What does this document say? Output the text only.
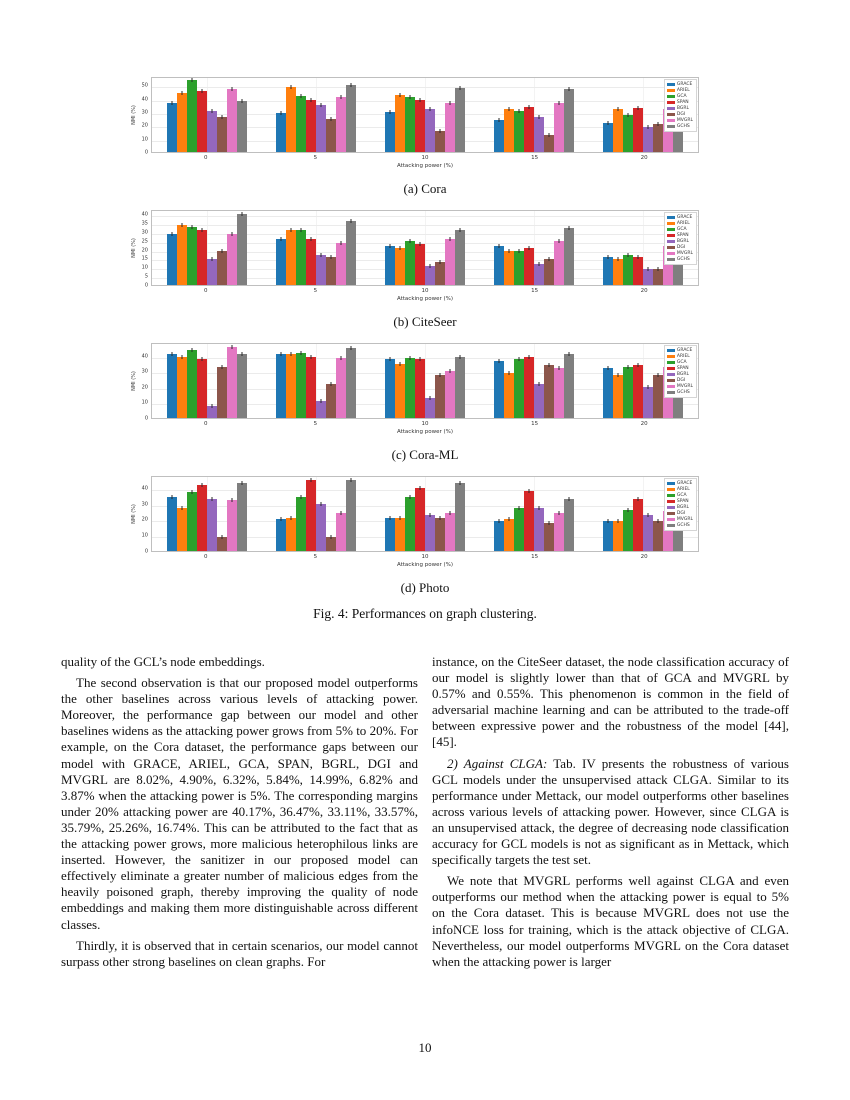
0
10
20
30
40
50	GRACE
ARIEL
GCA
SPAN
BGRL
DGI
MVGRL
GCHS
NMI (%)
0	5	10	15	20
Attacking power (%)
(a) Cora
0
5
10
15
20
25
30
35
40	GRACE
ARIEL
GCA
SPAN
BGRL
DGI
MVGRL
GCHS
NMI (%)
0	5	10	15	20
Attacking power (%)
(b) CiteSeer
0
10
20
30
40
GRACE
ARIEL
GCA
SPAN
BGRL
DGI
MVGRL
GCHS
NMI (%)
0	5	10	15	20
Attacking power (%)
(c) Cora-ML
0
10
20
30
40
GRACE
ARIEL
GCA
SPAN
BGRL
DGI
MVGRL
GCHS
NMI (%)
0	5	10	15	20
Attacking power (%)
(d) Photo
Fig. 4: Performances on graph clustering.

quality of the GCL’s node embeddings.

The second observation is that our proposed model outperforms the other baselines across various levels of attacking power. Moreover, the performance gap between our model and other baselines widens as the attacking power grows from 5% to 20%. For example, on the Cora dataset, the performance gaps between our model with GRACE, ARIEL, GCA, SPAN, BGRL, DGI and MVGRL are 8.02%, 4.90%, 6.32%, 5.84%, 14.99%, 6.82% and 3.87% when the attacking power is 5%. The corresponding margins under 20% attacking power are 40.17%, 36.47%, 33.11%, 33.57%, 35.79%, 25.26%, 16.74%. This can be attributed to the fact that as the attacking power grows, more malicious heterophilous links are inserted. However, the sanitizer in our proposed model can effectively eliminate a greater number of malicious edges from the heavily poisoned graph, thereby improving the quality of node embeddings and making them more distinguishable across different classes.

Thirdly, it is observed that in certain scenarios, our model cannot surpass other strong baselines on clean graphs. For

instance, on the CiteSeer dataset, the node classification accuracy of our model is slightly lower than that of GCA and MVGRL by 0.57% and 0.55%. This phenomenon is common in the field of adversarial machine learning and can be attributed to the trade-off between expressive power and the robustness of the model [44], [45].

2) Against CLGA: Tab. IV presents the robustness of various GCL models under the unsupervised attack CLGA. Similar to its performance under Mettack, our model outperforms other baselines across various levels of attacking power. However, since CLGA is an unsupervised attack, the degree of decreasing node classification accuracy for GCL models is not as significant as in Mettack, which specifically targets the test set.

We note that MVGRL performs well against CLGA and even outperforms our method when the attacking power is equal to 5% on the Cora dataset. This is because MVGRL does not use the infoNCE loss for training, which is the attack objective of CLGA. Nevertheless, our model outperforms MVGRL on the Cora dataset when the attacking power is larger

10
